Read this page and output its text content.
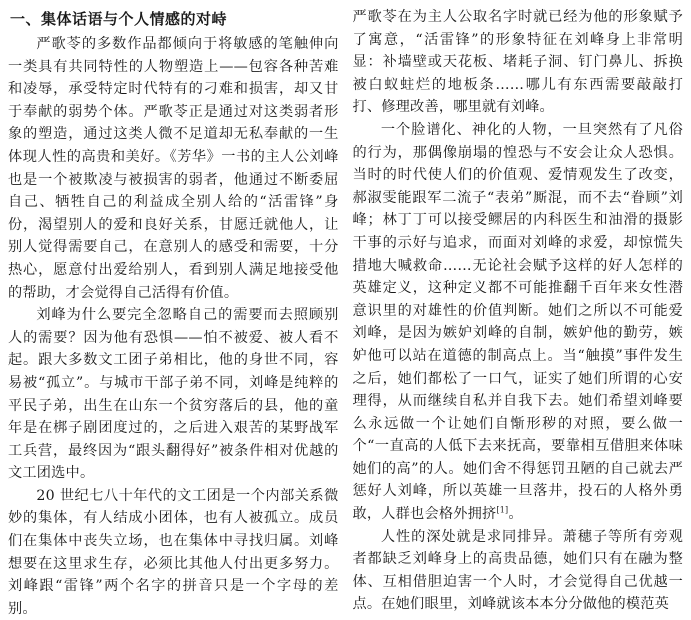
一、集体话语与个人情感的对峙

严歌苓的多数作品都倾向于将敏感的笔触伸向一类具有共同特性的人物塑造上——包容各种苦难和凌辱，承受特定时代特有的刁难和损害，却又甘于奉献的弱势个体。严歌苓正是通过对这类弱者形象的塑造，通过这类人微不足道却无私奉献的一生体现人性的高贵和美好。《芳华》一书的主人公刘峰也是一个被欺凌与被损害的弱者，他通过不断委屈自己、牺牲自己的利益成全别人给的“活雷锋”身份，渴望别人的爱和良好关系，甘愿迁就他人，让别人觉得需要自己，在意别人的感受和需要，十分热心，愿意付出爱给别人，看到别人满足地接受他的帮助，才会觉得自己活得有价值。

刘峰为什么要完全忽略自己的需要而去照顾别人的需要？因为他有恐惧——怕不被爱、被人看不起。跟大多数文工团子弟相比，他的身世不同，容易被“孤立”。与城市干部子弟不同，刘峰是纯粹的平民子弟，出生在山东一个贫穷落后的县，他的童年是在梆子剧团度过的，之后进入艰苦的某野战军工兵营，最终因为“跟头翻得好”被条件相对优越的文工团选中。

20 世纪七八十年代的文工团是一个内部关系微妙的集体，有人结成小团体，也有人被孤立。成员们在集体中丧失立场，也在集体中寻找归属。刘峰想要在这里求生存，必须比其他人付出更多努力。刘峰跟“雷锋”两个名字的拼音只是一个字母的差别。

严歌苓在为主人公取名字时就已经为他的形象赋予了寓意，“活雷锋”的形象特征在刘峰身上非常明显：补墙壁或天花板、堵耗子洞、钉门鼻儿、拆换被白蚁蛀烂的地板条……哪儿有东西需要敲敲打打、修理改善，哪里就有刘峰。

一个脸谱化、神化的人物，一旦突然有了凡俗的行为，那偶像崩塌的惶恐与不安会让众人恐惧。当时的时代使人们的价值观、爱情观发生了改变，郝淑雯能跟军二流子“表弟”厮混，而不去“眷顾”刘峰；林丁丁可以接受鳏居的内科医生和油滑的摄影干事的示好与追求，而面对刘峰的求爱，却惊慌失措地大喊救命……无论社会赋予这样的好人怎样的英雄定义，这种定义都不可能推翻千百年来女性潜意识里的对雄性的价值判断。她们之所以不可能爱刘峰，是因为嫉妒刘峰的自制，嫉妒他的勤劳，嫉妒他可以站在道德的制高点上。当“触摸”事件发生之后，她们都松了一口气，证实了她们所谓的心安理得，从而继续自私并自我下去。她们希望刘峰要么永远做一个让她们自惭形秽的对照，要么做一个“一直高的人低下去来抚高，要靠相互借胆来体味她们的高”的人。她们舍不得惩罚丑陋的自己就去严惩好人刘峰，所以英雄一旦落井，投石的人格外勇敢，人群也会格外拥挤[1]。

人性的深处就是求同排异。萧穗子等所有旁观者都缺乏刘峰身上的高贵品德，她们只有在融为整体、互相借胆迫害一个人时，才会觉得自己优越一点。在她们眼里，刘峰就该本本分分做他的模范英
